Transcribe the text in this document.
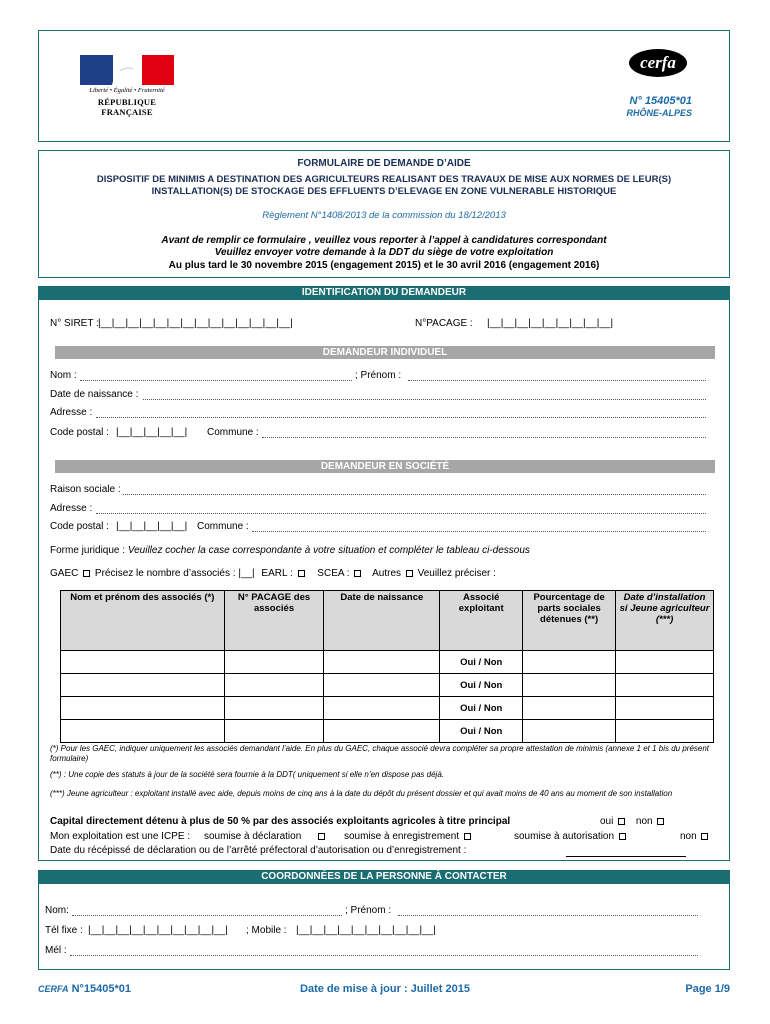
Liberté • Égalité • Fraternité
RÉPUBLIQUE FRANÇAISE
cerfa
N° 15405*01
RHÔNE-ALPES
FORMULAIRE DE DEMANDE D’AIDE
DISPOSITIF DE MINIMIS A DESTINATION DES AGRICULTEURS REALISANT DES TRAVAUX DE MISE AUX NORMES DE LEUR(S)
INSTALLATION(S) DE STOCKAGE DES EFFLUENTS D’ELEVAGE EN ZONE VULNERABLE HISTORIQUE
Règlement N°1408/2013 de la commission du 18/12/2013
Avant de remplir ce formulaire , veuillez vous reporter à l’appel à candidatures correspondant
Veuillez envoyer votre demande à la DDT du siège de votre exploitation
Au plus tard le 30 novembre 2015 (engagement 2015) et le 30 avril 2016 (engagement 2016)
IDENTIFICATION DU DEMANDEUR
N° SIRET : |__|__|__|__|__|__|__|__|__|__|__|__|__|__|	N°PACAGE : |__|__|__|__|__|__|__|__|__|
DEMANDEUR INDIVIDUEL
Nom :	; Prénom :
Date de naissance :
Adresse :
Code postal : |__|__|__|__|__| Commune :
DEMANDEUR EN SOCIÉTÉ
Raison sociale :
Adresse :
Code postal : |__|__|__|__|__| Commune :
Forme juridique : Veuillez cocher la case correspondante à votre situation et compléter le tableau ci-dessous
GAEC Précisez le nombre d’associés : |__| EARL : SCEA : Autres Veuillez préciser :
Nom et prénom des associés (*)	N° PACAGE des associés	Date de naissance	Associé exploitant	Pourcentage de parts sociales détenues (**)	Date d’installation si Jeune agriculteur (***)
			Oui / Non		
			Oui / Non		
			Oui / Non		
			Oui / Non		
(*) Pour les GAEC, indiquer uniquement les associés demandant l’aide. En plus du GAEC, chaque associé devra compléter sa propre attestation de minimis (annexe 1 et 1 bis du présent formulaire)
(**) : Une copie des statuts à jour de la société sera fournie à la DDT( uniquement si elle n’en dispose pas déjà.
(***) Jeune agriculteur : exploitant installé avec aide, depuis moins de cinq ans à la date du dépôt du présent dossier et qui avait moins de 40 ans au moment de son installation
Capital directement détenu à plus de 50 % par des associés exploitants agricoles à titre principal	oui non
Mon exploitation est une ICPE : soumise à déclaration	soumise à enregistrement	soumise à autorisation	non
Date du récépissé de déclaration ou de l’arrêté préfectoral d’autorisation ou d’enregistrement :
COORDONNÉES DE LA PERSONNE À CONTACTER
Nom:	; Prénom :
Tél fixe : |__|__|__|__|__|__|__|__|__|__| ; Mobile : |__|__|__|__|__|__|__|__|__|__|
Mél :
CERFA N°15405*01	Date de mise à jour : Juillet 2015	Page 1/9
